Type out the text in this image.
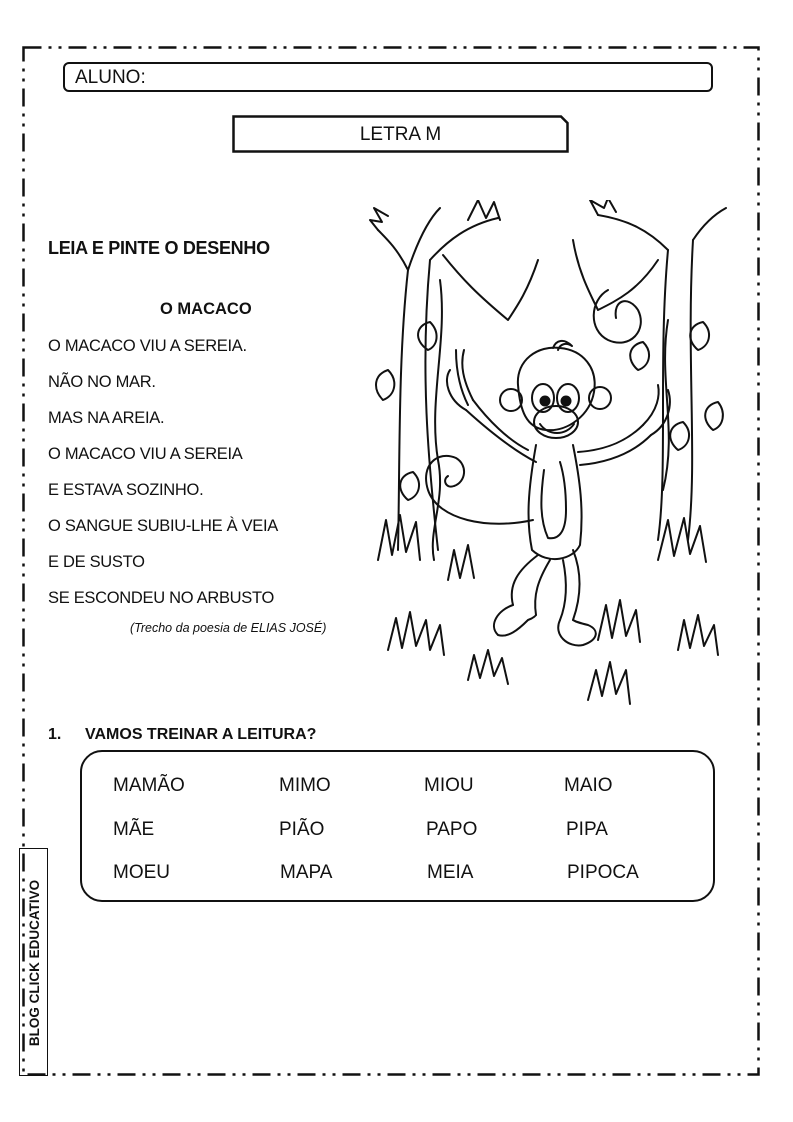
ALUNO:
LETRA M
LEIA E PINTE O DESENHO
O MACACO
O MACACO VIU A SEREIA.
NÃO NO MAR.
MAS NA AREIA.
O MACACO VIU A SEREIA
E ESTAVA SOZINHO.
O SANGUE SUBIU-LHE À VEIA
E DE SUSTO
SE ESCONDEU NO ARBUSTO
(Trecho da poesia de ELIAS JOSÉ)
1. VAMOS TREINAR A LEITURA?
MAMÃO	MIMO	MIOU	MAIO
MÃE	PIÃO	PAPO	PIPA
MOEU	MAPA	MEIA	PIPOCA
BLOG CLICK EDUCATIVO
